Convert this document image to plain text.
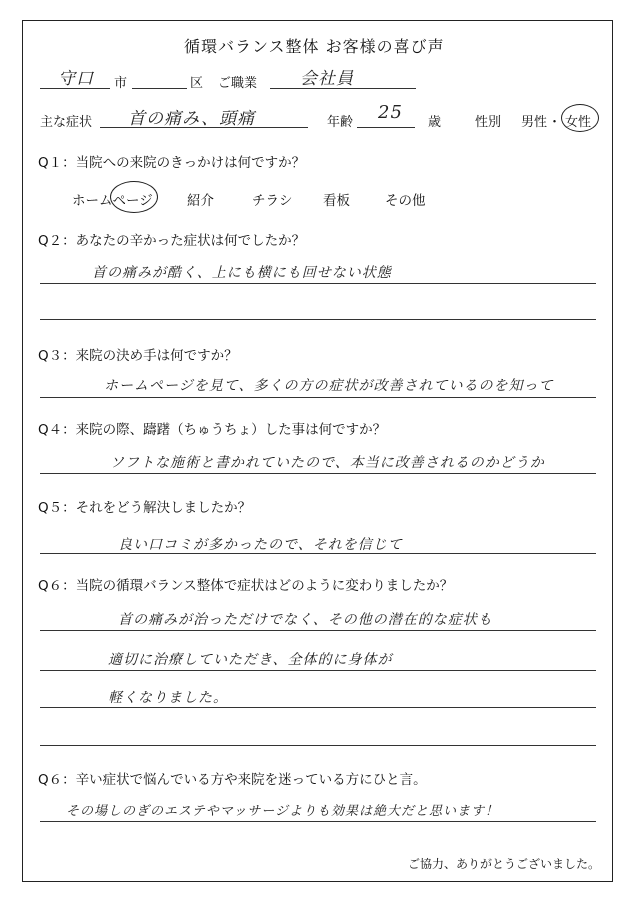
循環バランス整体 お客様の喜び声
守口 市	区 ご職業	会社員
主な症状 首の痛み、頭痛	年齢 25 歳	性別 男性 ・ 女性
Q１：当院への来院のきっかけは何ですか？
ホームページ	紹介	チラシ 看板	その他
Q２：あなたの辛かった症状は何でしたか？
首の痛みが酷く、上にも横にも回せない状態
Q３：来院の決め手は何ですか？
ホームページを見て、多くの方の症状が改善されているのを知って
Q４：来院の際、躊躇（ちゅうちょ）した事は何ですか？
ソフトな施術と書かれていたので、本当に改善されるのかどうか
Q５：それをどう解決しましたか？
良い口コミが多かったので、それを信じて
Q６：当院の循環バランス整体で症状はどのように変わりましたか？
首の痛みが治っただけでなく、その他の潜在的な症状も
適切に治療していただき、全体的に身体が
軽くなりました。
Q６：辛い症状で悩んでいる方や来院を迷っている方にひと言。
その場しのぎのエステやマッサージよりも効果は絶大だと思います！
ご協力、ありがとうございました。
